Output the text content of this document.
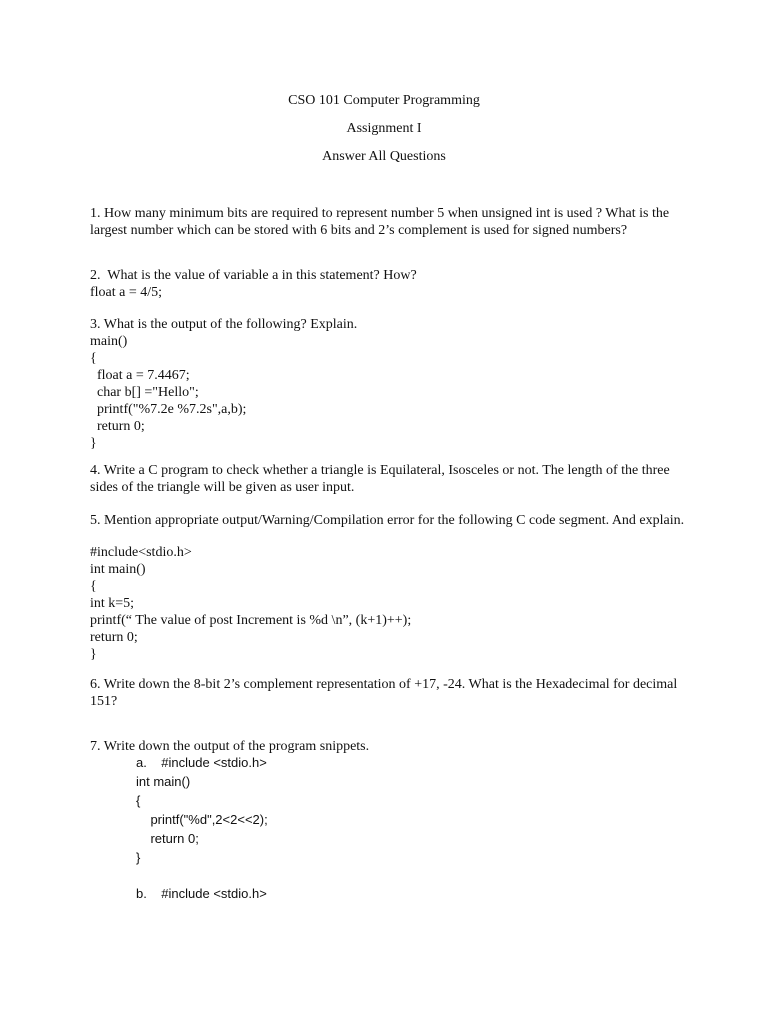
CSO 101 Computer Programming
Assignment I
Answer All Questions
1. How many minimum bits are required to represent number 5 when unsigned int is used ? What is the
largest number which can be stored with 6 bits and 2’s complement is used for signed numbers?
2.  What is the value of variable a in this statement? How?
float a = 4/5;
3. What is the output of the following? Explain.
main()
{
float a = 7.4467;
char b[] ="Hello";
printf("%7.2e %7.2s",a,b);
return 0;
}
4. Write a C program to check whether a triangle is Equilateral, Isosceles or not. The length of the three
sides of the triangle will be given as user input.
5. Mention appropriate output/Warning/Compilation error for the following C code segment. And explain.
#include<stdio.h>
int main()
{
int k=5;
printf(“ The value of post Increment is %d \n”, (k+1)++);
return 0;
}
6. Write down the 8-bit 2’s complement representation of +17, -24. What is the Hexadecimal for decimal
151?
7. Write down the output of the program snippets.
a.    #include <stdio.h>
int main()
{
printf("%d",2<2<<2);
return 0;
}
b.    #include <stdio.h>
